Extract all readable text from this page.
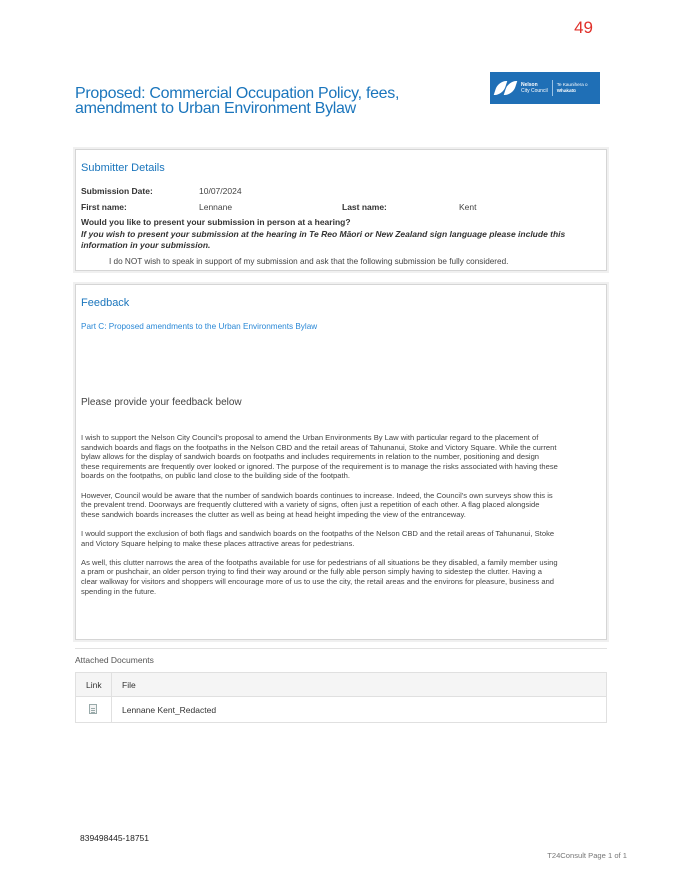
49
Proposed: Commercial Occupation Policy, fees, amendment to Urban Environment Bylaw
Nelson
City Council
Te Kaunihera o
Whakatū
Submitter Details
Submission Date:	10/07/2024
First name:	Lennane	Last name:	Kent
Would you like to present your submission in person at a hearing?
If you wish to present your submission at the hearing in Te Reo Māori or New Zealand sign language please include this information in your submission.
I do NOT wish to speak in support of my submission and ask that the following submission be fully considered.
Feedback
Part C: Proposed amendments to the Urban Environments Bylaw
Please provide your feedback below

I wish to support the Nelson City Council's proposal to amend the Urban Environments By Law with particular regard to the placement of sandwich boards and flags on the footpaths in the Nelson CBD and the retail areas of Tahunanui, Stoke and Victory Square. While the current bylaw allows for the display of sandwich boards on footpaths and includes requirements in relation to the number, positioning and design these requirements are frequently over looked or ignored. The purpose of the requirement is to manage the risks associated with having these boards on the footpaths, on public land close to the building side of the footpath.

However, Council would be aware that the number of sandwich boards continues to increase. Indeed, the Council's own surveys show this is the prevalent trend. Doorways are frequently cluttered with a variety of signs, often just a repetition of each other. A flag placed alongside these sandwich boards increases the clutter as well as being at head height impeding the view of the entranceway.

I would support the exclusion of both flags and sandwich boards on the footpaths of the Nelson CBD and the retail areas of Tahunanui, Stoke and Victory Square helping to make these places attractive areas for pedestrians.

As well, this clutter narrows the area of the footpaths available for use for pedestrians of all situations be they disabled, a family member using a pram or pushchair, an older person trying to find their way around or the fully able person simply having to sidestep the clutter. Having a clear walkway for visitors and shoppers will encourage more of us to use the city, the retail areas and the environs for pleasure, business and spending in the future.

Attached Documents
Link	File
	Lennane Kent_Redacted
839498445-18751
T24Consult Page 1 of 1
